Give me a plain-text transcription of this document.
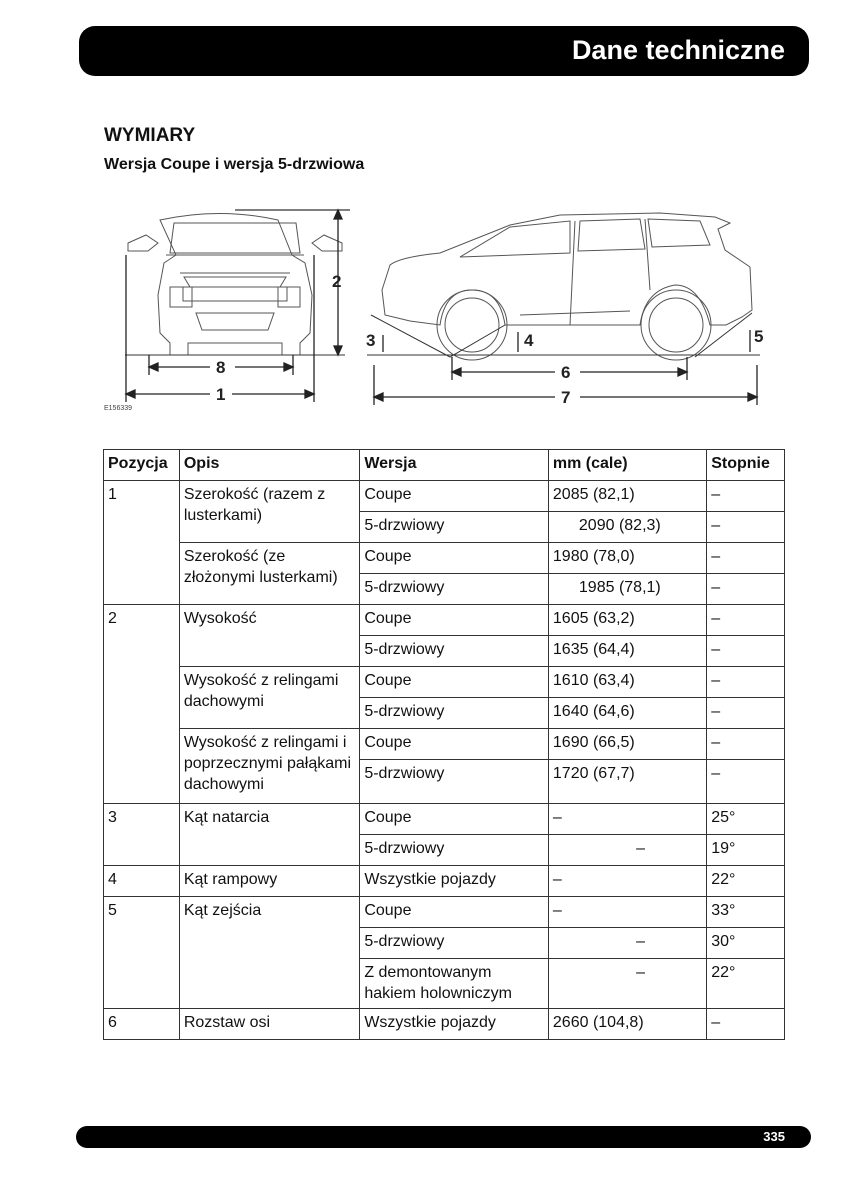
Dane techniczne
WYMIARY
Wersja Coupe i wersja 5-drzwiowa
2
8
1
3	4	5
6
7
E156339
Pozycja	Opis	Wersja	mm (cale)	Stopnie
1	Szerokość (razem z lusterkami)	Coupe	2085 (82,1)	–
		5-drzwiowy	2090 (82,3)	–
	Szerokość (ze złożonymi lusterkami)	Coupe	1980 (78,0)	–
		5-drzwiowy	1985 (78,1)	–
2	Wysokość	Coupe	1605 (63,2)	–
		5-drzwiowy	1635 (64,4)	–
	Wysokość z relingami dachowymi	Coupe	1610 (63,4)	–
		5-drzwiowy	1640 (64,6)	–
	Wysokość z relingami i poprzecznymi pałąkami dachowymi	Coupe	1690 (66,5)	–
		5-drzwiowy	1720 (67,7)	–
3	Kąt natarcia	Coupe	–	25°
		5-drzwiowy	–	19°
4	Kąt rampowy	Wszystkie pojazdy	–	22°
5	Kąt zejścia	Coupe	–	33°
		5-drzwiowy	–	30°
		Z demontowanym hakiem holowniczym	–	22°
6	Rozstaw osi	Wszystkie pojazdy	2660 (104,8)	–
335
